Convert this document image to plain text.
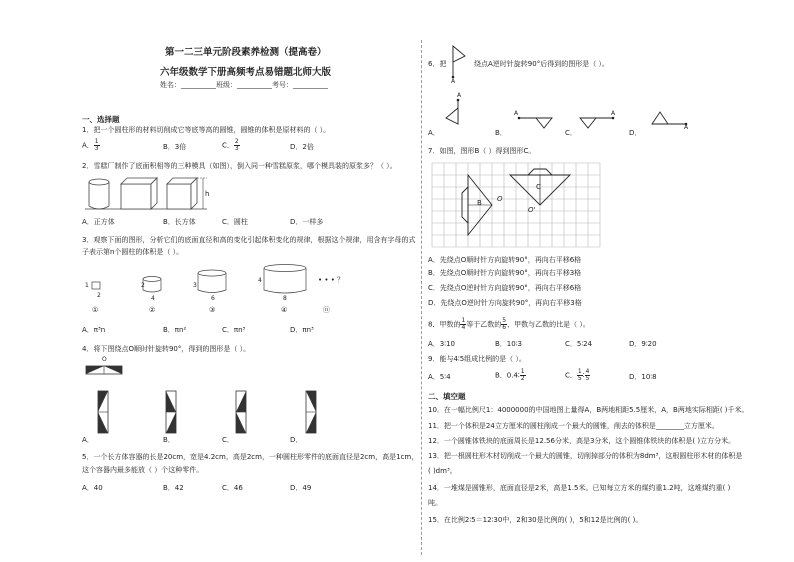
第一二三单元阶段素养检测（提高卷）
六年级数学下册高频考点易错题北师大版
姓名：__________班级：__________考号：__________
一、选择题
1．把一个圆柱形的材料切削成它等底等高的圆锥，圆锥的体积是原材料的（ ）。
A． $\frac{1}{3}$	B．3倍	C． $\frac{2}{3}$	D．2倍
2．雪糕厂制作了底面积相等的三种模具（如图），倒入同一种雪糕原浆，哪个模具装的原浆多？（ ）。
h
A．正方体	B．长方体	C．圆柱	D．一样多
3．观察下面的图形，分析它们的底面直径和高的变化引起体积变化的规律，根据这个规律，用含有字母的式
子表示第n个圆柱的体积是（ ）。
1
2
2
4
3
6
4
8
• • • ？
①	②	③	④	ⓝ
A．π³n	B．πn²	C．πn³	D．πn³
4．将下图绕点O顺时针旋转90°，得到的图形是（ ）。
O
A．	B．	C．	D．
5．一个长方体容器的长是20cm，宽是4.2cm，高是2cm，一种圆柱形零件的底面直径是2cm，高是1cm，
这个容器内最多能放（ ）个这种零件。
A．40	B．42	C．46	D．49
6．把
A
绕点A逆时针旋转90°后得到的图形是（ ）。
A
A	A
A
A．	B．	C．	D．
7．如图，图形B（ ）得到图形C。
B O
C
O'
A．先绕点O顺时针方向旋转90°，再向右平移6格
B．先绕点O顺时针方向旋转90°，再向右平移3格
C．先绕点O逆时针方向旋转90°，再向右平移6格
D．先绕点O逆时针方向旋转90°，再向右平移3格
8．甲数的 $\frac{1}{4}$ 等于乙数的 $\frac{5}{6}$ ，甲数与乙数的比是（ ）。
A．3∶10	B．10∶3	C．5∶24	D．9∶20
9．能与4∶5组成比例的是（ ）。
A．5∶4	B．0.4∶ $\frac{1}{2}$	C． $\frac{1}{5}$ ∶ $\frac{4}{5}$	D．10∶8
二、填空题
10．在一幅比例尺1：4000000的中国地图上量得A，B两地相距5.5厘米，A，B两地实际相距( )千米。
11．把一个体积是24立方厘米的圆柱削成一个最大的圆锥，削去的体积是________立方厘米。
12．一个圆锥体铁块的底面周长是12.56分米，高是3分米，这个圆锥体铁块的体积是( )立方分米。
13．把一根圆柱形木材切削成一个最大的圆锥，切削掉部分的体积为8dm³，这根圆柱形木材的体积是
( )dm³。
14．一堆煤是圆锥形，底面直径是2米，高是1.5米。已知每立方米的煤约重1.2吨，这堆煤约重( )
吨。
15．在比例2∶5＝12∶30中，2和30是比例的( )，5和12是比例的( )。
